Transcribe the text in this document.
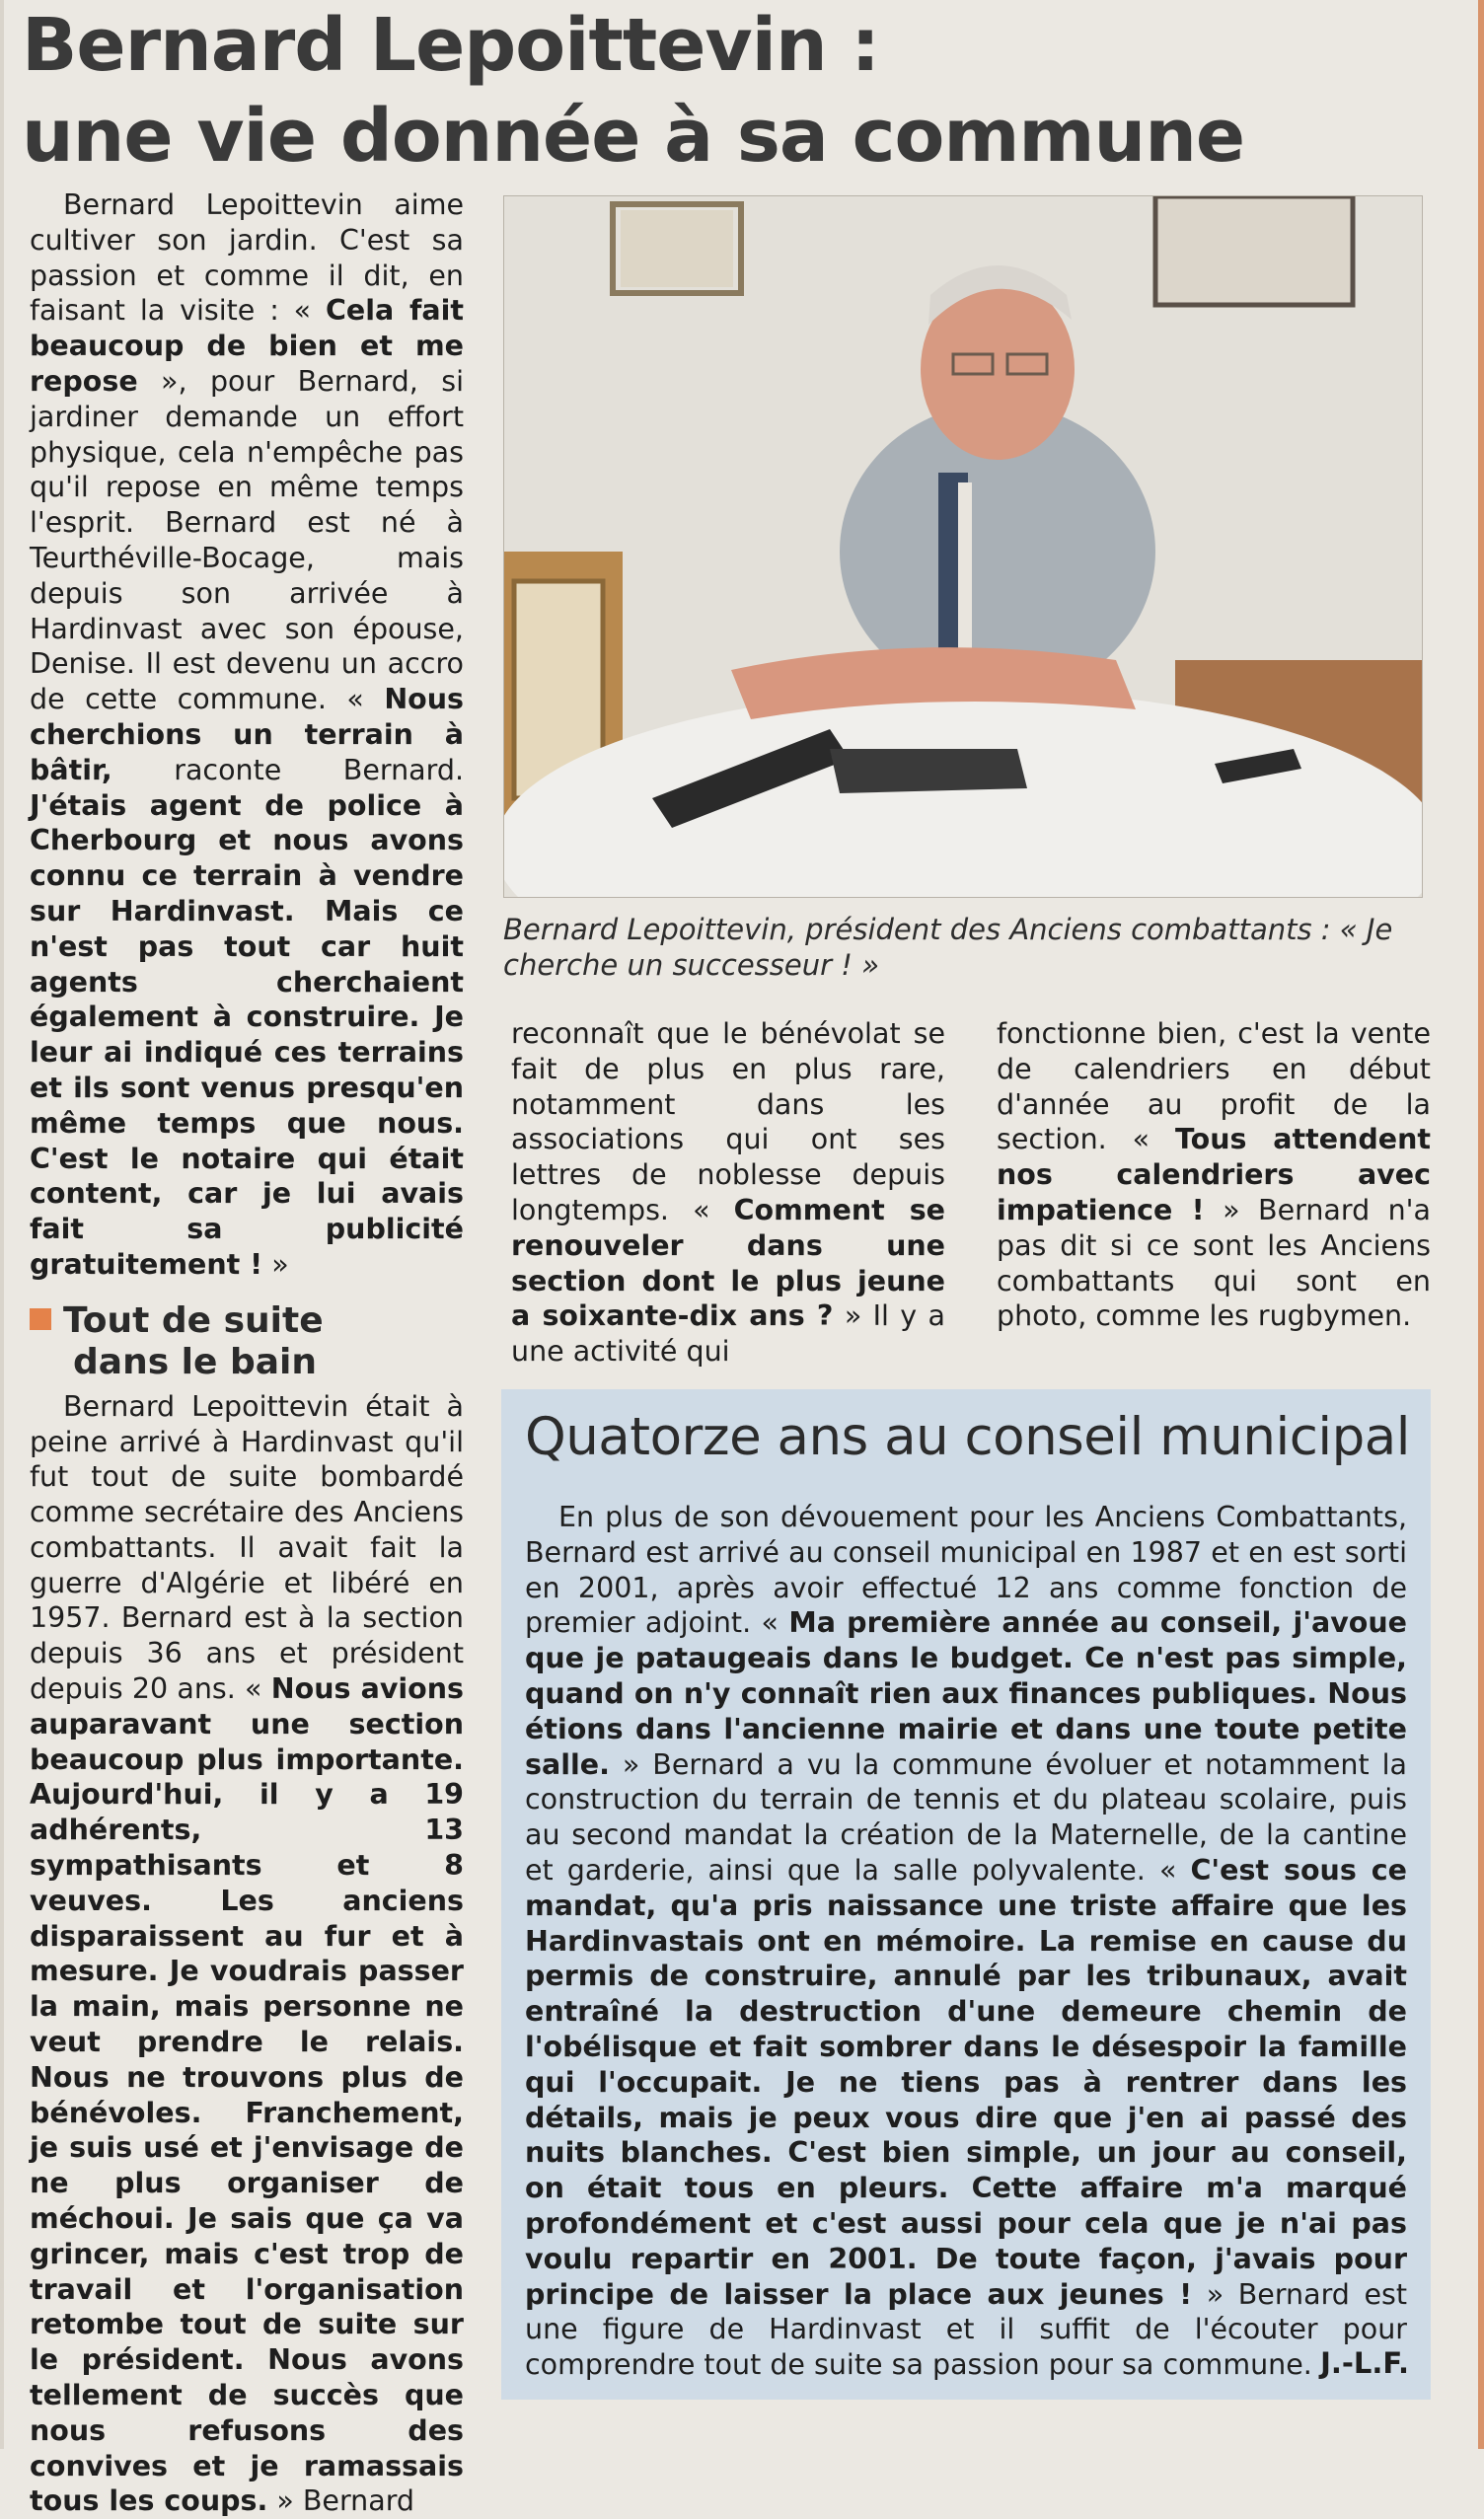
Bernard Lepoittevin :
une vie donnée à sa commune

Bernard Lepoittevin aime cultiver son jardin. C'est sa passion et comme il dit, en faisant la visite : « Cela fait beaucoup de bien et me repose », pour Bernard, si jardiner demande un effort physique, cela n'empêche pas qu'il repose en même temps l'esprit. Bernard est né à Teurthéville-Bocage, mais depuis son arrivée à Hardinvast avec son épouse, Denise. Il est devenu un accro de cette commune. « Nous cherchions un terrain à bâtir, raconte Bernard. J'étais agent de police à Cherbourg et nous avons connu ce terrain à vendre sur Hardinvast. Mais ce n'est pas tout car huit agents cherchaient également à construire. Je leur ai indiqué ces terrains et ils sont venus presqu'en même temps que nous. C'est le notaire qui était content, car je lui avais fait sa publicité gratuitement ! »

Tout de suite
dans le bain

Bernard Lepoittevin était à peine arrivé à Hardinvast qu'il fut tout de suite bombardé comme secrétaire des Anciens combattants. Il avait fait la guerre d'Algérie et libéré en 1957. Bernard est à la section depuis 36 ans et président depuis 20 ans. « Nous avions auparavant une section beaucoup plus importante. Aujourd'hui, il y a 19 adhérents, 13 sympathisants et 8 veuves. Les anciens disparaissent au fur et à mesure. Je voudrais passer la main, mais personne ne veut prendre le relais. Nous ne trouvons plus de bénévoles. Franchement, je suis usé et j'envisage de ne plus organiser de méchoui. Je sais que ça va grincer, mais c'est trop de travail et l'organisation retombe tout de suite sur le président. Nous avons tellement de succès que nous refusons des convives et je ramassais tous les coups. » Bernard

Bernard Lepoittevin, président des Anciens combattants : « Je cherche un successeur ! »

reconnaît que le bénévolat se fait de plus en plus rare, notamment dans les associations qui ont ses lettres de noblesse depuis longtemps. « Comment se renouveler dans une section dont le plus jeune a soixante-dix ans ? » Il y a une activité qui

fonctionne bien, c'est la vente de calendriers en début d'année au profit de la section. « Tous attendent nos calendriers avec impatience ! » Bernard n'a pas dit si ce sont les Anciens combattants qui sont en photo, comme les rugbymen.

Quatorze ans au conseil municipal

En plus de son dévouement pour les Anciens Combattants, Bernard est arrivé au conseil municipal en 1987 et en est sorti en 2001, après avoir effectué 12 ans comme fonction de premier adjoint. « Ma première année au conseil, j'avoue que je pataugeais dans le budget. Ce n'est pas simple, quand on n'y connaît rien aux finances publiques. Nous étions dans l'ancienne mairie et dans une toute petite salle. » Bernard a vu la commune évoluer et notamment la construction du terrain de tennis et du plateau scolaire, puis au second mandat la création de la Maternelle, de la cantine et garderie, ainsi que la salle polyvalente. « C'est sous ce mandat, qu'a pris naissance une triste affaire que les Hardinvastais ont en mémoire. La remise en cause du permis de construire, annulé par les tribunaux, avait entraîné la destruction d'une demeure chemin de l'obélisque et fait sombrer dans le désespoir la famille qui l'occupait. Je ne tiens pas à rentrer dans les détails, mais je peux vous dire que j'en ai passé des nuits blanches. C'est bien simple, un jour au conseil, on était tous en pleurs. Cette affaire m'a marqué profondément et c'est aussi pour cela que je n'ai pas voulu repartir en 2001. De toute façon, j'avais pour principe de laisser la place aux jeunes ! » Bernard est une figure de Hardinvast et il suffit de l'écouter pour comprendre tout de suite sa passion pour sa commune. J.-L.F.
